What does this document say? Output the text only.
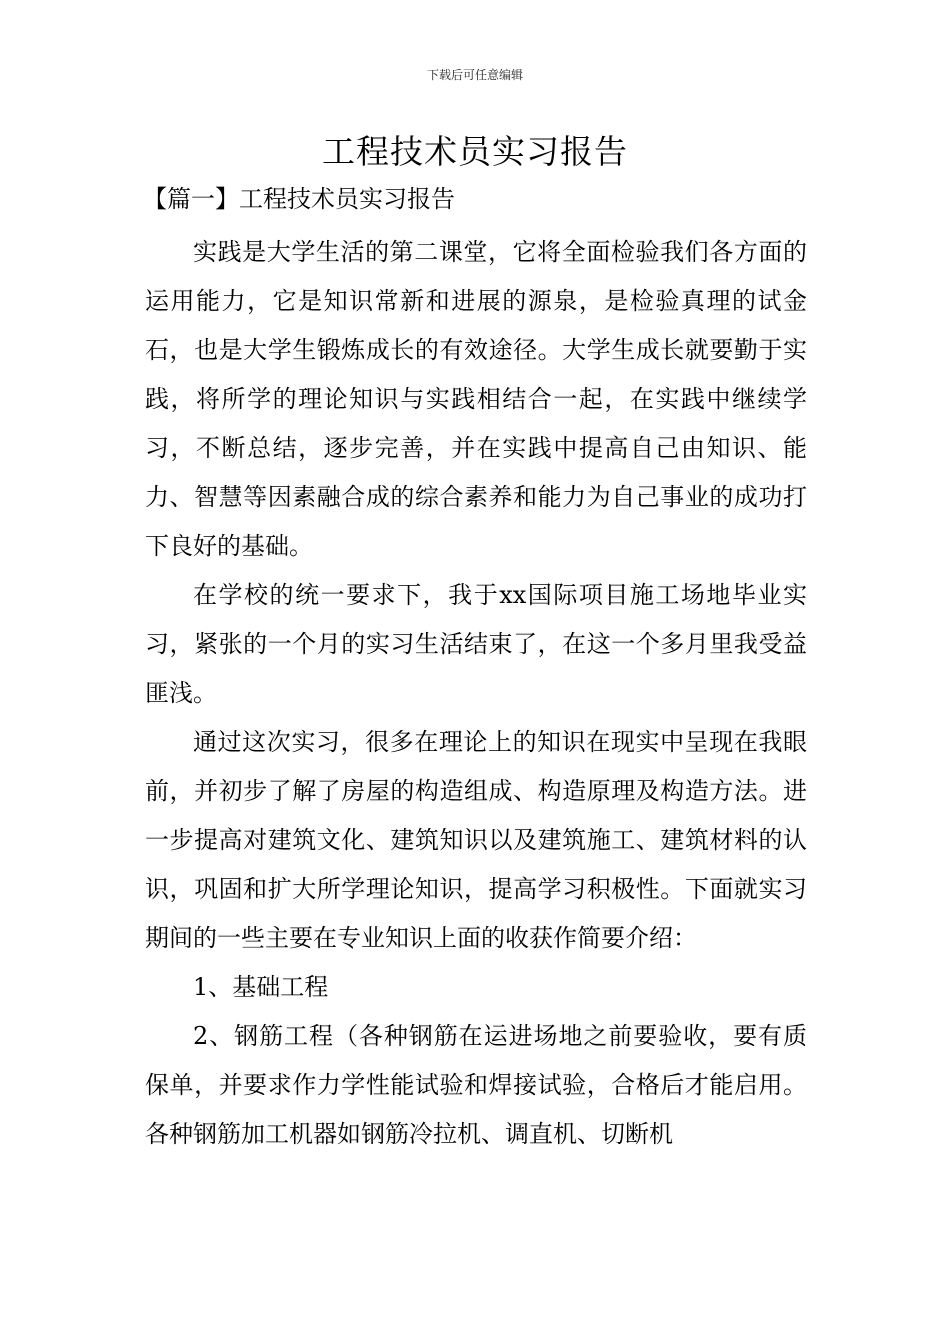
下载后可任意编辑
工程技术员实习报告
【篇一】工程技术员实习报告

实践是大学生活的第二课堂，它将全面检验我们各方面的运用能力，它是知识常新和进展的源泉，是检验真理的试金石，也是大学生锻炼成长的有效途径。大学生成长就要勤于实践，将所学的理论知识与实践相结合一起，在实践中继续学习，不断总结，逐步完善，并在实践中提高自己由知识、能力、智慧等因素融合成的综合素养和能力为自己事业的成功打下良好的基础。

在学校的统一要求下，我于xx国际项目施工场地毕业实习，紧张的一个月的实习生活结束了，在这一个多月里我受益匪浅。

通过这次实习，很多在理论上的知识在现实中呈现在我眼前，并初步了解了房屋的构造组成、构造原理及构造方法。进一步提高对建筑文化、建筑知识以及建筑施工、建筑材料的认识，巩固和扩大所学理论知识，提高学习积极性。下面就实习期间的一些主要在专业知识上面的收获作简要介绍：

1、基础工程

2、钢筋工程（各种钢筋在运进场地之前要验收，要有质保单，并要求作力学性能试验和焊接试验，合格后才能启用。各种钢筋加工机器如钢筋冷拉机、调直机、切断机
